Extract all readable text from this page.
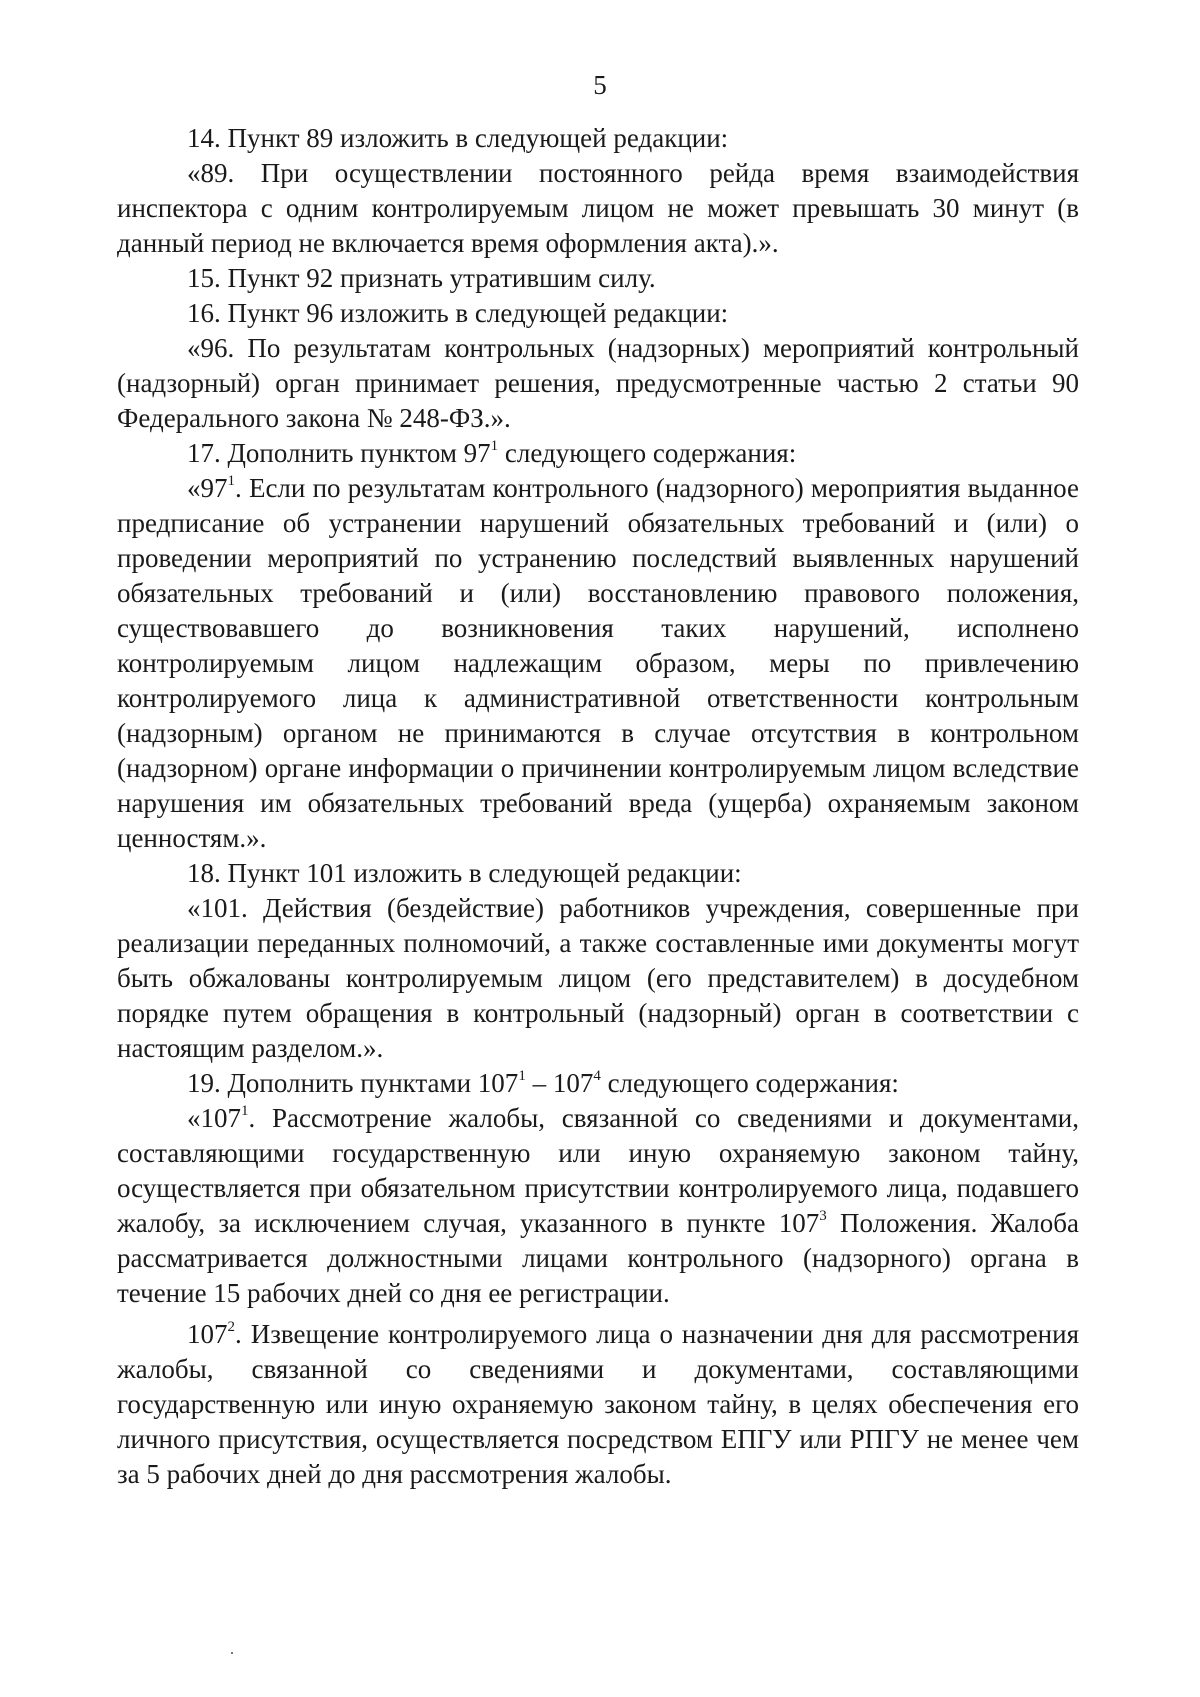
5

14. Пункт 89 изложить в следующей редакции:

«89. При осуществлении постоянного рейда время взаимодействия инспектора с одним контролируемым лицом не может превышать 30 минут (в данный период не включается время оформления акта).».

15. Пункт 92 признать утратившим силу.

16. Пункт 96 изложить в следующей редакции:

«96. По результатам контрольных (надзорных) мероприятий контрольный (надзорный) орган принимает решения, предусмотренные частью 2 статьи 90 Федерального закона № 248-ФЗ.».

17. Дополнить пунктом $97^1$ следующего содержания:

«$97^1$. Если по результатам контрольного (надзорного) мероприятия выданное предписание об устранении нарушений обязательных требований и (или) о проведении мероприятий по устранению последствий выявленных нарушений обязательных требований и (или) восстановлению правового положения, существовавшего до возникновения таких нарушений, исполнено контролируемым лицом надлежащим образом, меры по привлечению контролируемого лица к административной ответственности контрольным (надзорным) органом не принимаются в случае отсутствия в контрольном (надзорном) органе информации о причинении контролируемым лицом вследствие нарушения им обязательных требований вреда (ущерба) охраняемым законом ценностям.».

18. Пункт 101 изложить в следующей редакции:

«101. Действия (бездействие) работников учреждения, совершенные при реализации переданных полномочий, а также составленные ими документы могут быть обжалованы контролируемым лицом (его представителем) в досудебном порядке путем обращения в контрольный (надзорный) орган в соответствии с настоящим разделом.».

19. Дополнить пунктами $107^1 - 107^4$ следующего содержания:

«$107^1$. Рассмотрение жалобы, связанной со сведениями и документами, составляющими государственную или иную охраняемую законом тайну, осуществляется при обязательном присутствии контролируемого лица, подавшего жалобу, за исключением случая, указанного в пункте $107^3$ Положения. Жалоба рассматривается должностными лицами контрольного (надзорного) органа в течение 15 рабочих дней со дня ее регистрации.

$107^2$. Извещение контролируемого лица о назначении дня для рассмотрения жалобы, связанной со сведениями и документами, составляющими государственную или иную охраняемую законом тайну, в целях обеспечения его личного присутствия, осуществляется посредством ЕПГУ или РПГУ не менее чем за 5 рабочих дней до дня рассмотрения жалобы.
